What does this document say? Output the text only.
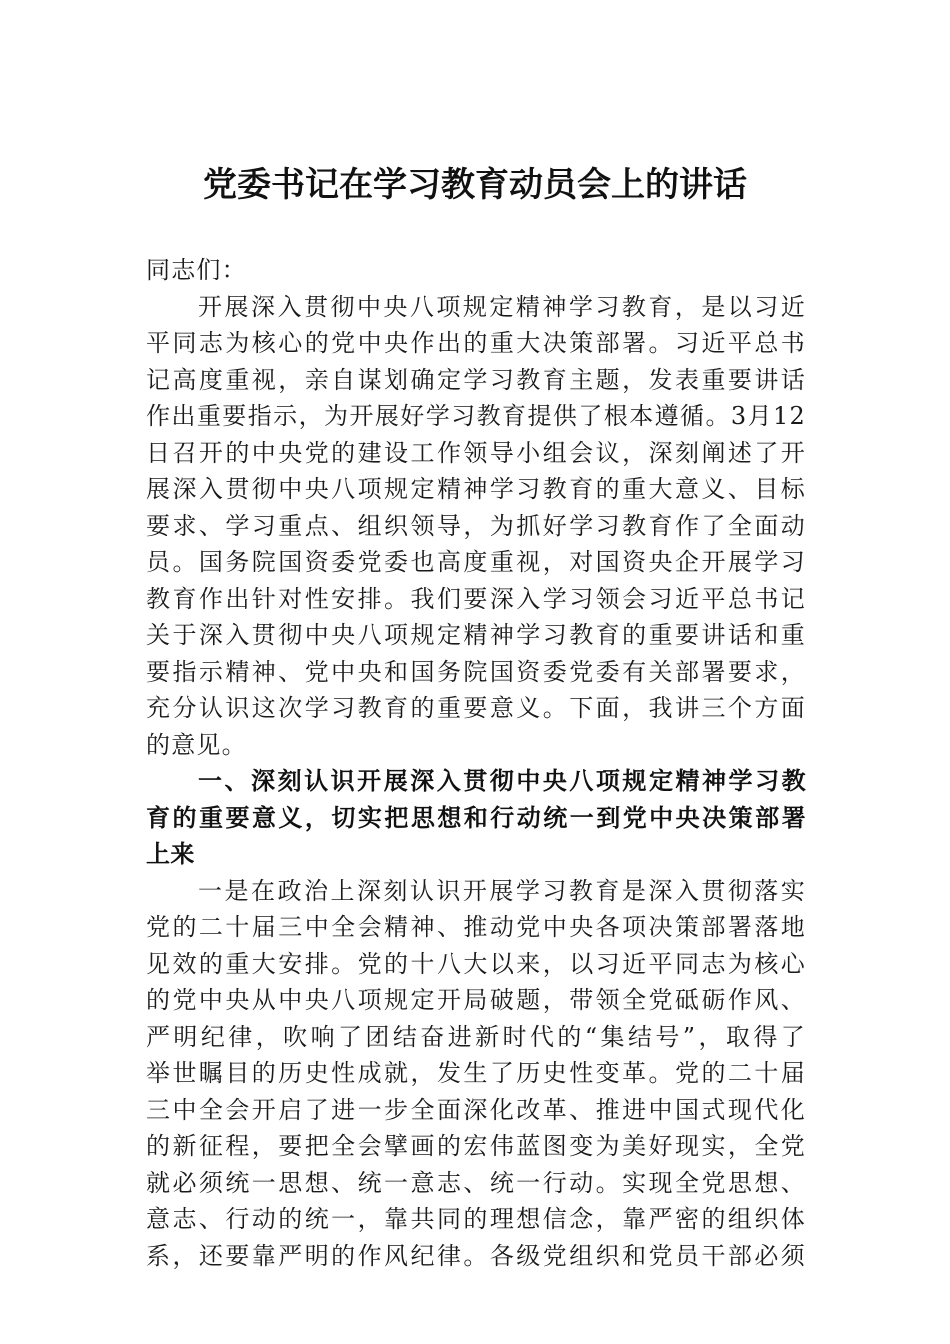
党委书记在学习教育动员会上的讲话
同志们：
开展深入贯彻中央八项规定精神学习教育，是以习近
平同志为核心的党中央作出的重大决策部署。习近平总书
记高度重视，亲自谋划确定学习教育主题，发表重要讲话
作出重要指示，为开展好学习教育提供了根本遵循。3月12
日召开的中央党的建设工作领导小组会议，深刻阐述了开
展深入贯彻中央八项规定精神学习教育的重大意义、目标
要求、学习重点、组织领导，为抓好学习教育作了全面动
员。国务院国资委党委也高度重视，对国资央企开展学习
教育作出针对性安排。我们要深入学习领会习近平总书记
关于深入贯彻中央八项规定精神学习教育的重要讲话和重
要指示精神、党中央和国务院国资委党委有关部署要求，
充分认识这次学习教育的重要意义。下面，我讲三个方面
的意见。
一、深刻认识开展深入贯彻中央八项规定精神学习教
育的重要意义，切实把思想和行动统一到党中央决策部署
上来
一是在政治上深刻认识开展学习教育是深入贯彻落实
党的二十届三中全会精神、推动党中央各项决策部署落地
见效的重大安排。党的十八大以来，以习近平同志为核心
的党中央从中央八项规定开局破题，带领全党砥砺作风、
严明纪律，吹响了团结奋进新时代的“集结号”，取得了
举世瞩目的历史性成就，发生了历史性变革。党的二十届
三中全会开启了进一步全面深化改革、推进中国式现代化
的新征程，要把全会擘画的宏伟蓝图变为美好现实，全党
就必须统一思想、统一意志、统一行动。实现全党思想、
意志、行动的统一，靠共同的理想信念，靠严密的组织体
系，还要靠严明的作风纪律。各级党组织和党员干部必须
